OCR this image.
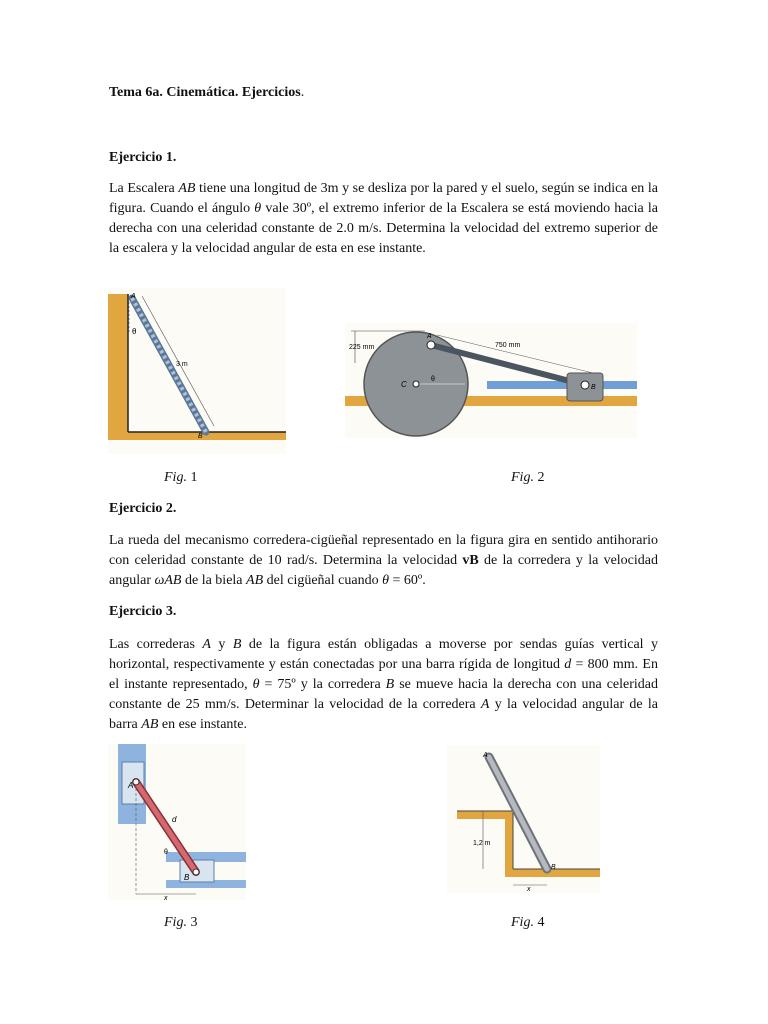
Tema 6a. Cinemática. Ejercicios.
Ejercicio 1.

La Escalera AB tiene una longitud de 3m y se desliza por la pared y el suelo, según se indica en la figura. Cuando el ángulo θ vale 30º, el extremo inferior de la Escalera se está moviendo hacia la derecha con una celeridad constante de 2.0 m/s. Determina la velocidad del extremo superior de la escalera y la velocidad angular de esta en ese instante.

A
θ
3 m
B
225 mm
C
θ
A
750 mm
B
Fig. 1	Fig. 2
Ejercicio 2.

La rueda del mecanismo corredera-cigüeñal representado en la figura gira en sentido antihorario con celeridad constante de 10 rad/s. Determina la velocidad vB de la corredera y la velocidad angular ωAB de la biela AB del cigüeñal cuando θ = 60º.

Ejercicio 3.

Las correderas A y B de la figura están obligadas a moverse por sendas guías vertical y horizontal, respectivamente y están conectadas por una barra rígida de longitud d = 800 mm. En el instante representado, θ = 75º y la corredera B se mueve hacia la derecha con una celeridad constante de 25 mm/s. Determinar la velocidad de la corredera A y la velocidad angular de la barra AB en ese instante.

A
d
θ
B
x
A
1,2 m
B
x
Fig. 3	Fig. 4
